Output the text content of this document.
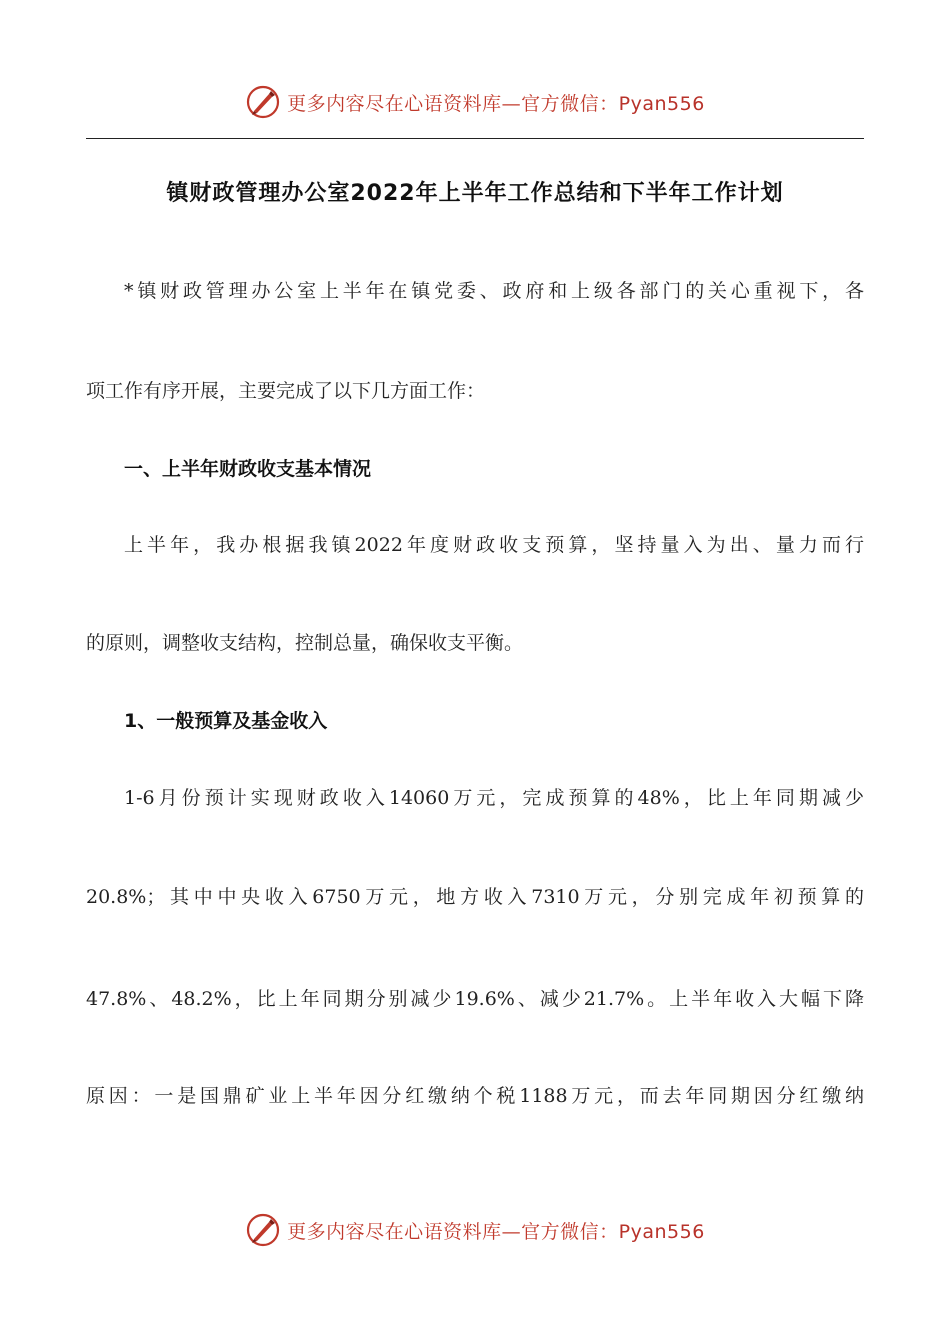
更多内容尽在心语资料库—官方微信：Pyan556
镇财政管理办公室2022年上半年工作总结和下半年工作计划
*镇财政管理办公室上半年在镇党委、政府和上级各部门的关心重视下，各
项工作有序开展，主要完成了以下几方面工作：
一、上半年财政收支基本情况
上半年，我办根据我镇2022年度财政收支预算，坚持量入为出、量力而行
的原则，调整收支结构，控制总量，确保收支平衡。
1、一般预算及基金收入
1-6月份预计实现财政收入14060万元，完成预算的48%，比上年同期减少
20.8%；其中中央收入6750万元，地方收入7310万元，分别完成年初预算的
47.8%、48.2%，比上年同期分别减少19.6%、减少21.7%。上半年收入大幅下降
原因：一是国鼎矿业上半年因分红缴纳个税1188万元，而去年同期因分红缴纳
更多内容尽在心语资料库—官方微信：Pyan556
